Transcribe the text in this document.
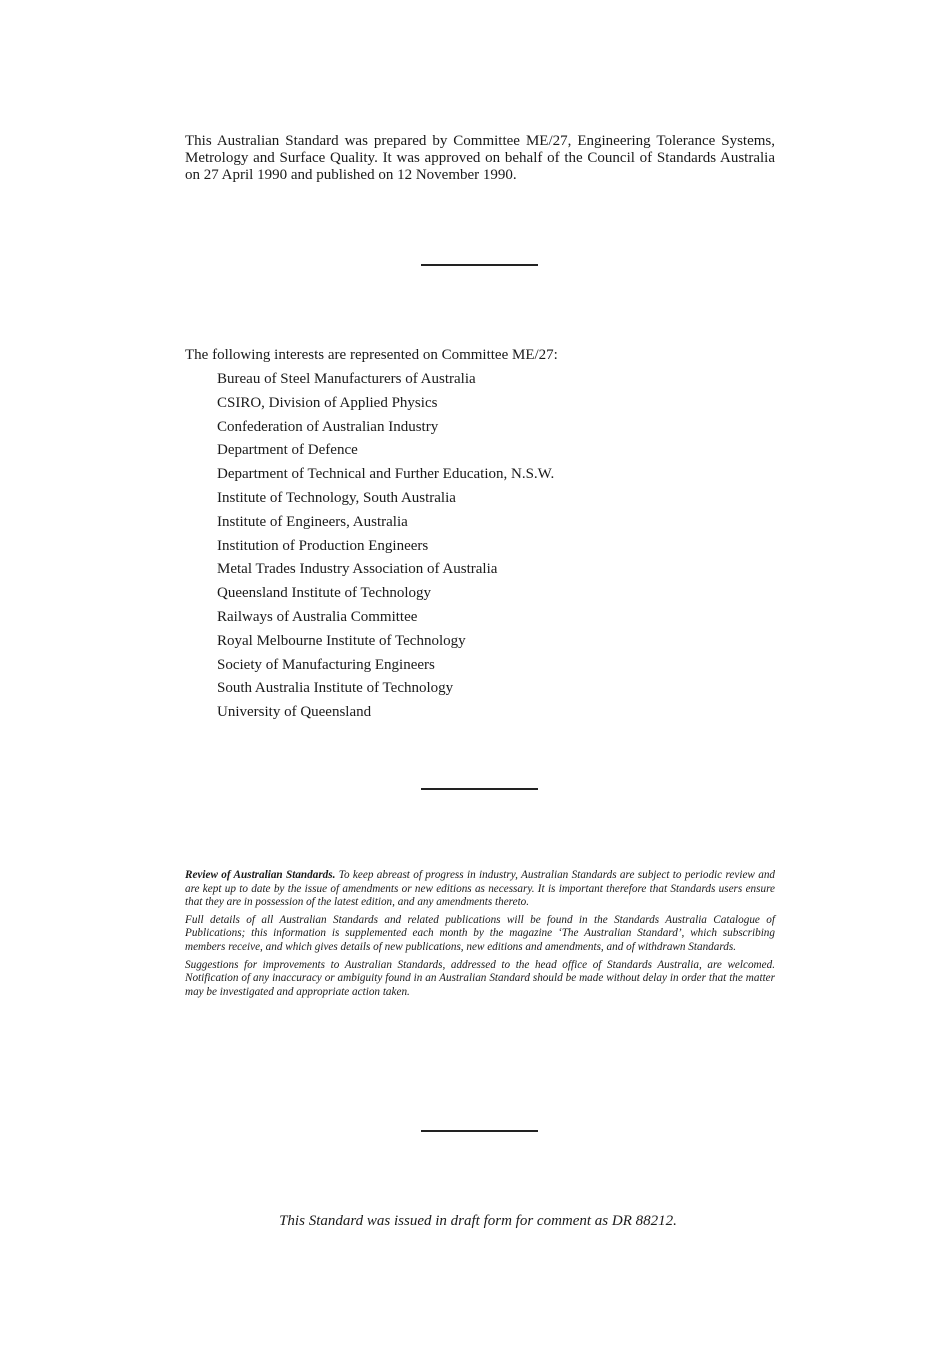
This Australian Standard was prepared by Committee ME/27, Engineering Tolerance Systems, Metrology and Surface Quality. It was approved on behalf of the Council of Standards Australia on 27 April 1990 and published on 12 November 1990.

The following interests are represented on Committee ME/27:

Bureau of Steel Manufacturers of Australia
CSIRO, Division of Applied Physics
Confederation of Australian Industry
Department of Defence
Department of Technical and Further Education, N.S.W.
Institute of Technology, South Australia
Institute of Engineers, Australia
Institution of Production Engineers
Metal Trades Industry Association of Australia
Queensland Institute of Technology
Railways of Australia Committee
Royal Melbourne Institute of Technology
Society of Manufacturing Engineers
South Australia Institute of Technology
University of Queensland

Review of Australian Standards. To keep abreast of progress in industry, Australian Standards are subject to periodic review and are kept up to date by the issue of amendments or new editions as necessary. It is important therefore that Standards users ensure that they are in possession of the latest edition, and any amendments thereto.

Full details of all Australian Standards and related publications will be found in the Standards Australia Catalogue of Publications; this information is supplemented each month by the magazine ‘The Australian Standard’, which subscribing members receive, and which gives details of new publications, new editions and amendments, and of withdrawn Standards.

Suggestions for improvements to Australian Standards, addressed to the head office of Standards Australia, are welcomed. Notification of any inaccuracy or ambiguity found in an Australian Standard should be made without delay in order that the matter may be investigated and appropriate action taken.

This Standard was issued in draft form for comment as DR 88212.
